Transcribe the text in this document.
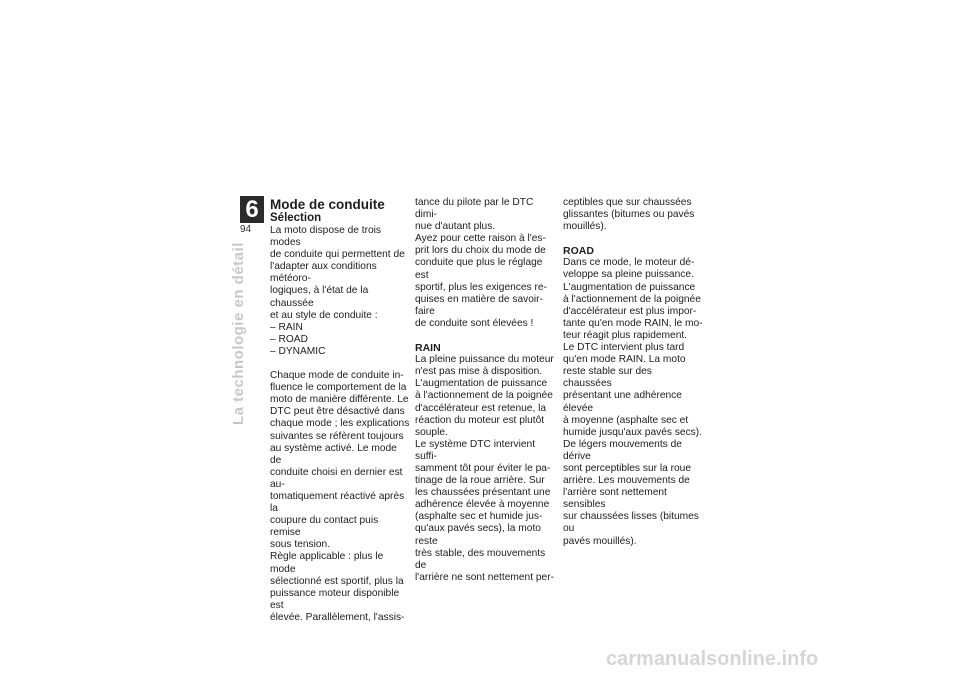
6
94
La technologie en détail

Mode de conduite

Sélection

La moto dispose de trois modes

de conduite qui permettent de

l'adapter aux conditions météoro-

logiques, à l'état de la chaussée

et au style de conduite :

– RAIN

– ROAD

– DYNAMIC

Chaque mode de conduite in-

fluence le comportement de la

moto de manière différente. Le

DTC peut être désactivé dans

chaque mode ; les explications

suivantes se réfèrent toujours

au système activé. Le mode de

conduite choisi en dernier est au-

tomatiquement réactivé après la

coupure du contact puis remise

sous tension.

Règle applicable : plus le mode

sélectionné est sportif, plus la

puissance moteur disponible est

élevée. Parallèlement, l'assis-

tance du pilote par le DTC dimi-

nue d'autant plus.

Ayez pour cette raison à l'es-

prit lors du choix du mode de

conduite que plus le réglage est

sportif, plus les exigences re-

quises en matière de savoir-faire

de conduite sont élevées !

RAIN

La pleine puissance du moteur

n'est pas mise à disposition.

L'augmentation de puissance

à l'actionnement de la poignée

d'accélérateur est retenue, la

réaction du moteur est plutôt

souple.

Le système DTC intervient suffi-

samment tôt pour éviter le pa-

tinage de la roue arrière. Sur

les chaussées présentant une

adhérence élevée à moyenne

(asphalte sec et humide jus-

qu'aux pavés secs), la moto reste

très stable, des mouvements de

l'arrière ne sont nettement per-

ceptibles que sur chaussées

glissantes (bitumes ou pavés

mouillés).

ROAD

Dans ce mode, le moteur dé-

veloppe sa pleine puissance.

L'augmentation de puissance

à l'actionnement de la poignée

d'accélérateur est plus impor-

tante qu'en mode RAIN, le mo-

teur réagit plus rapidement.

Le DTC intervient plus tard

qu'en mode RAIN. La moto

reste stable sur des chaussées

présentant une adhérence élevée

à moyenne (asphalte sec et

humide jusqu'aux pavés secs).

De légers mouvements de dérive

sont perceptibles sur la roue

arrière. Les mouvements de

l'arrière sont nettement sensibles

sur chaussées lisses (bitumes ou

pavés mouillés).

carmanualsonline.info
